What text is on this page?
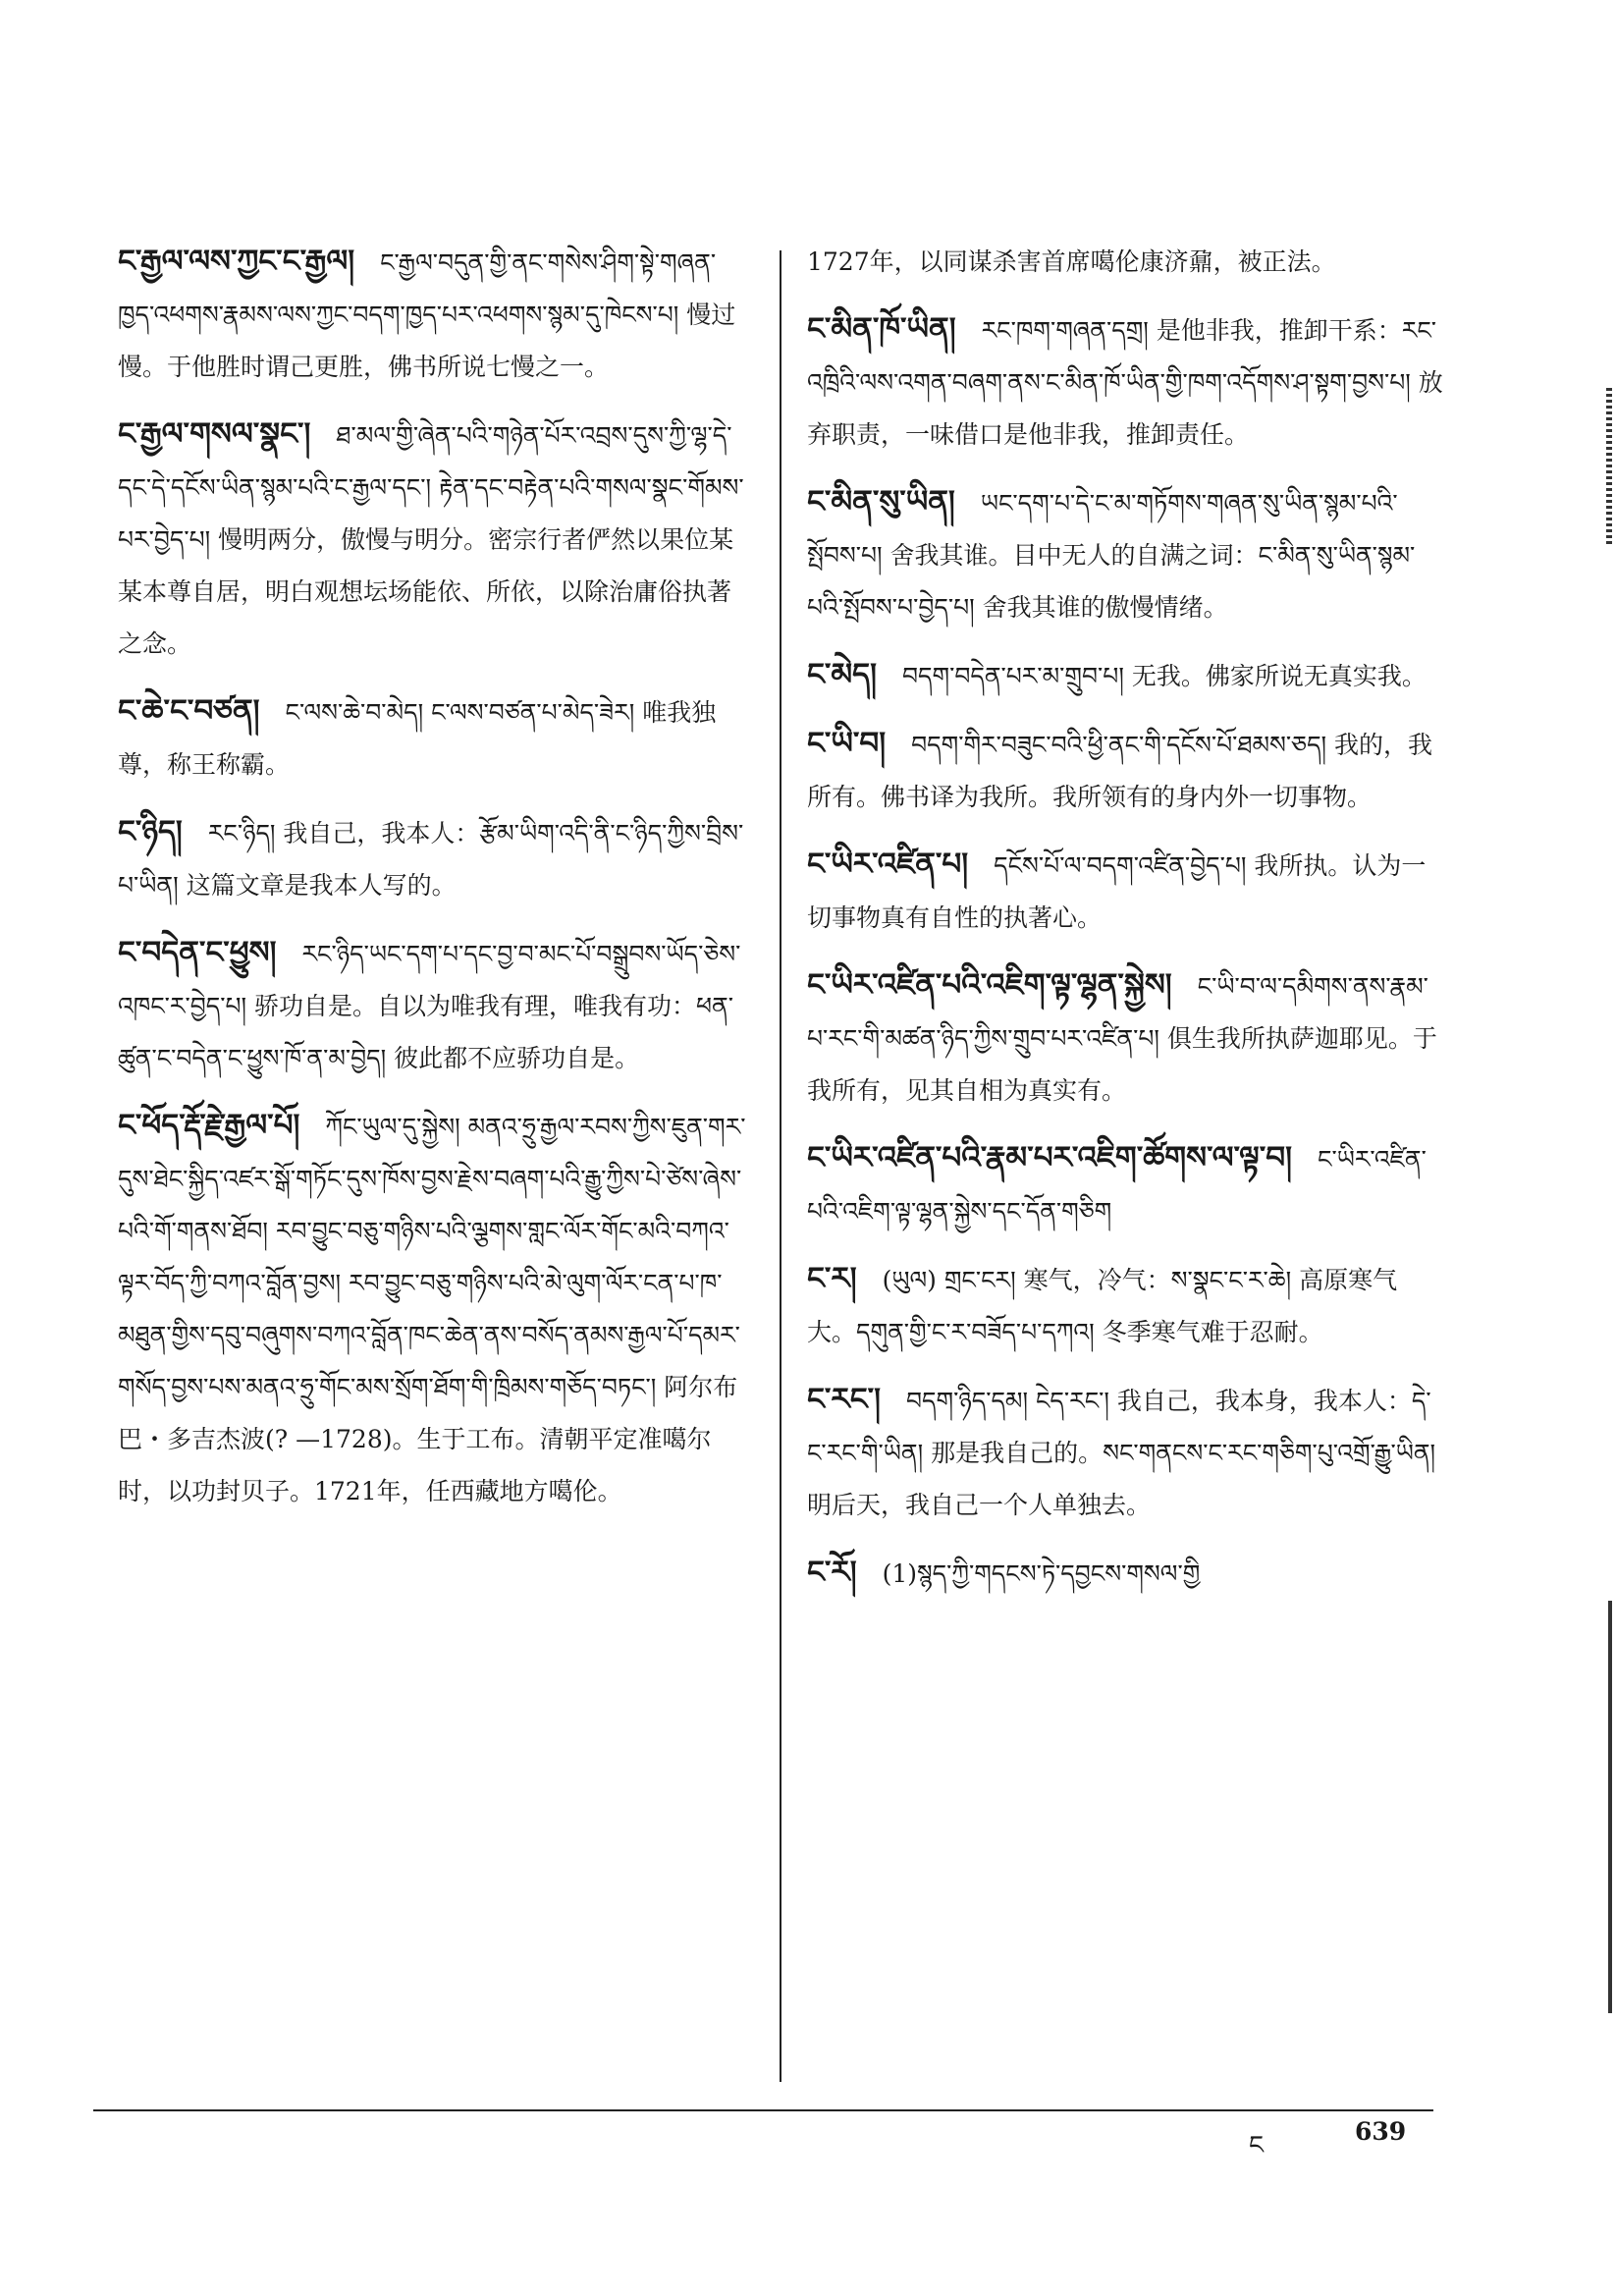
ང་རྒྱལ་ལས་ཀྱང་ང་རྒྱལ། ང་རྒྱལ་བདུན་གྱི་ནང་གསེས་ཤིག་སྟེ་གཞན་ཁྱད་འཕགས་རྣམས་ལས་ཀྱང་བདག་ཁྱད་པར་འཕགས་སྙམ་དུ་ཁེངས་པ། 慢过慢。于他胜时谓己更胜，佛书所说七慢之一。
ང་རྒྱལ་གསལ་སྣང་། ཐ་མལ་གྱི་ཞེན་པའི་གཉེན་པོར་འབྲས་དུས་ཀྱི་ལྷ་དེ་དང་དེ་དངོས་ཡིན་སྙམ་པའི་ང་རྒྱལ་དང་། རྟེན་དང་བརྟེན་པའི་གསལ་སྣང་གོམས་པར་བྱེད་པ། 慢明两分，傲慢与明分。密宗行者俨然以果位某某本尊自居，明白观想坛场能依、所依，以除治庸俗执著之念。
ང་ཆེ་ང་བཙན། ང་ལས་ཆེ་བ་མེད། ང་ལས་བཙན་པ་མེད་ཟེར། 唯我独尊，称王称霸。
ང་ཉིད། རང་ཉིད། 我自己，我本人：རྩོམ་ཡིག་འདི་ནི་ང་ཉིད་ཀྱིས་བྲིས་པ་ཡིན། 这篇文章是我本人写的。
ང་བདེན་ང་ཕྱུས། རང་ཉིད་ཡང་དག་པ་དང་བྱ་བ་མང་པོ་བསྒྲུབས་ཡོད་ཅེས་འཁང་ར་བྱེད་པ། 骄功自是。自以为唯我有理，唯我有功：ཕན་ཚུན་ང་བདེན་ང་ཕྱུས་ཁོ་ན་མ་བྱེད། 彼此都不应骄功自是。
ང་ཕོད་རྡོ་རྗེ་རྒྱལ་པོ། ཀོང་ཡུལ་དུ་སྐྱེས། མནའ་ཧྲུ་རྒྱལ་རབས་ཀྱིས་ཇུན་གར་དུས་ཐེང་སྐྱིད་འཛར་སྒོ་གཏོང་དུས་ཁོས་བྱས་རྗེས་བཞག་པའི་རྒྱུ་ཀྱིས་པེ་ཙེས་ཞེས་པའི་གོ་གནས་ཐོབ། རབ་བྱུང་བཅུ་གཉིས་པའི་ལྕགས་གླང་ལོར་གོང་མའི་བཀའ་ལྟར་བོད་ཀྱི་བཀའ་བློན་བྱས། རབ་བྱུང་བཅུ་གཉིས་པའི་མེ་ལུག་ལོར་ངན་པ་ཁ་མཐུན་གྱིས་དབུ་བཞུགས་བཀའ་བློན་ཁང་ཆེན་ནས་བསོད་ནམས་རྒྱལ་པོ་དམར་གསོད་བྱས་པས་མནའ་ཧྲུ་གོང་མས་སྲོག་ཐོག་གི་ཁྲིམས་གཅོད་བཏང་། 阿尔布巴・多吉杰波(? —1728)。生于工布。清朝平定准噶尔时，以功封贝子。1721年，任西藏地方噶伦。
1727年，以同谋杀害首席噶伦康济鼐，被正法。
ང་མིན་ཁོ་ཡིན། རང་ཁག་གཞན་དགྲ། 是他非我，推卸干系：རང་འཁྲིའི་ལས་འགན་བཞག་ནས་ང་མིན་ཁོ་ཡིན་གྱི་ཁག་འདོགས་ཤ་སྟག་བྱས་པ། 放弃职责，一味借口是他非我，推卸责任。
ང་མིན་སུ་ཡིན། ཡང་དག་པ་དེ་ང་མ་གཏོགས་གཞན་སུ་ཡིན་སྙམ་པའི་སྤོབས་པ། 舍我其谁。目中无人的自满之词：ང་མིན་སུ་ཡིན་སྙམ་པའི་སྤོབས་པ་བྱེད་པ། 舍我其谁的傲慢情绪。
ང་མེད། བདག་བདེན་པར་མ་གྲུབ་པ། 无我。佛家所说无真实我。
ང་ཡི་བ། བདག་གིར་བཟུང་བའི་ཕྱི་ནང་གི་དངོས་པོ་ཐམས་ཅད། 我的，我所有。佛书译为我所。我所领有的身内外一切事物。
ང་ཡིར་འཛིན་པ། དངོས་པོ་ལ་བདག་འཛིན་བྱེད་པ། 我所执。认为一切事物真有自性的执著心。
ང་ཡིར་འཛིན་པའི་འཇིག་ལྟ་ལྷན་སྐྱེས། ང་ཡི་བ་ལ་དམིགས་ནས་རྣམ་པ་རང་གི་མཚན་ཉིད་ཀྱིས་གྲུབ་པར་འཛིན་པ། 俱生我所执萨迦耶见。于我所有，见其自相为真实有。
ང་ཡིར་འཛིན་པའི་རྣམ་པར་འཇིག་ཚོགས་ལ་ལྟ་བ། ང་ཡིར་འཛིན་པའི་འཇིག་ལྟ་ལྷན་སྐྱེས་དང་དོན་གཅིག
ང་ར། (ཡུལ) གྲང་ངར། 寒气，冷气：ས་སྣང་ང་ར་ཆེ། 高原寒气大。དགུན་གྱི་ང་ར་བཟོད་པ་དཀའ། 冬季寒气难于忍耐。
ང་རང་། བདག་ཉིད་དམ། ངེད་རང་། 我自己，我本身，我本人：དེ་ང་རང་གི་ཡིན། 那是我自己的。སང་གནངས་ང་རང་གཅིག་པུ་འགྲོ་རྒྱུ་ཡིན། 明后天，我自己一个人单独去。
ང་རོ། (1)སྙད་ཀྱི་གདངས་ཏེ་དབྱངས་གསལ་གྱི
ང	639
